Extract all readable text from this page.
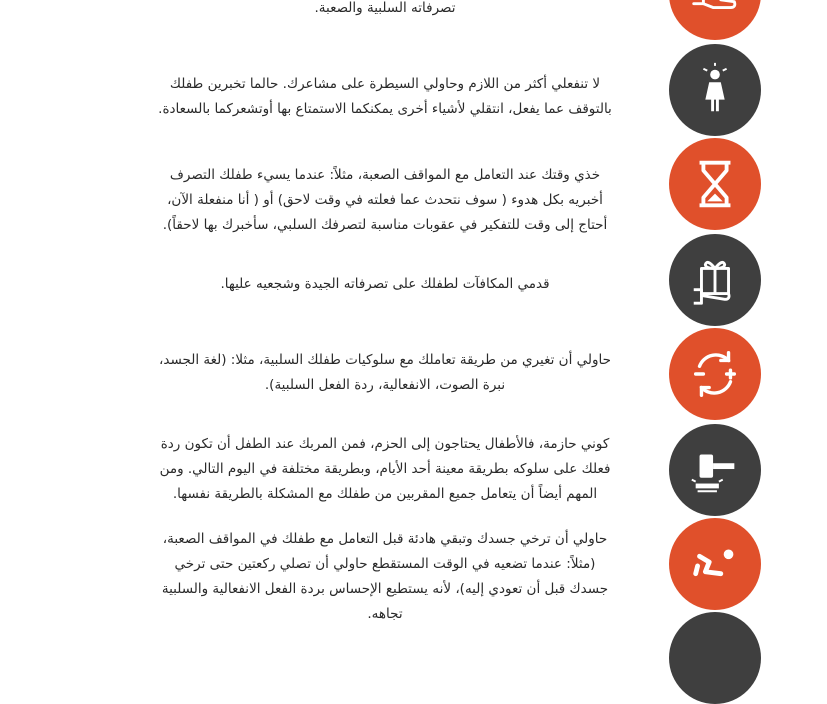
تصرفاته السلبية والصعبة.
لا تنفعلي أكثر من اللازم وحاولي السيطرة على مشاعرك. حالما تخبرين طفلك
بالتوقف عما يفعل، انتقلي لأشياء أخرى يمكنكما الاستمتاع بها أوتشعركما بالسعادة.
خذي وقتك عند التعامل مع المواقف الصعبة، مثلاً: عندما يسيء طفلك التصرف
أخبريه بكل هدوء ( سوف نتحدث عما فعلته في وقت لاحق) أو ( أنا منفعلة الآن،
أحتاج إلى وقت للتفكير في عقوبات مناسبة لتصرفك السلبي، سأخبرك بها لاحقاً).
قدمي المكافآت لطفلك على تصرفاته الجيدة وشجعيه عليها.
حاولي أن تغيري من طريقة تعاملك مع سلوكيات طفلك السلبية، مثلا: (لغة الجسد،
نبرة الصوت، الانفعالية، ردة الفعل السلبية).
كوني حازمة، فالأطفال يحتاجون إلى الحزم، فمن المربك عند الطفل أن تكون ردة
فعلك على سلوكه بطريقة معينة أحد الأيام، وبطريقة مختلفة في اليوم التالي. ومن
المهم أيضاً أن يتعامل جميع المقربين من طفلك مع المشكلة بالطريقة نفسها.
حاولي أن ترخي جسدك وتبقي هادئة قبل التعامل مع طفلك في المواقف الصعبة،
(مثلاً: عندما تضعيه في الوقت المستقطع حاولي أن تصلي ركعتين حتى ترخي
جسدك قبل أن تعودي إليه)، لأنه يستطيع الإحساس بردة الفعل الانفعالية والسلبية
تجاهه.
